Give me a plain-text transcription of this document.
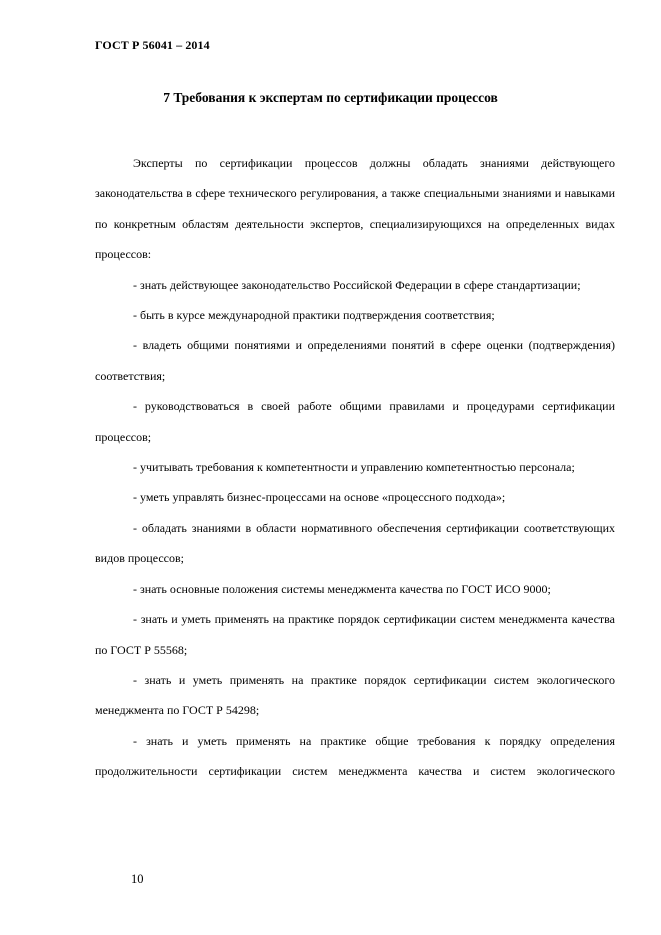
ГОСТ Р 56041 – 2014
7 Требования к экспертам по сертификации процессов
Эксперты по сертификации процессов должны обладать знаниями действующего законодательства в сфере технического регулирования, а также специальными знаниями и навыками по конкретным областям деятельности экспертов, специализирующихся на определенных видах процессов:
- знать действующее законодательство Российской Федерации в сфере стандартизации;
- быть в курсе международной практики подтверждения соответствия;
- владеть общими понятиями и определениями понятий в сфере оценки (подтверждения) соответствия;
- руководствоваться в своей работе общими правилами и процедурами сертификации процессов;
- учитывать требования к компетентности и управлению компетентностью персонала;
- уметь управлять бизнес-процессами на основе «процессного подхода»;
- обладать знаниями в области нормативного обеспечения сертификации соответствующих видов процессов;
- знать основные положения системы менеджмента качества по ГОСТ ИСО 9000;
- знать и уметь применять на практике порядок сертификации систем менеджмента качества по ГОСТ Р 55568;
- знать и уметь применять на практике порядок сертификации систем экологического менеджмента по ГОСТ Р 54298;
- знать и уметь применять на практике общие требования к порядку определения продолжительности сертификации систем менеджмента качества и систем экологического
10
